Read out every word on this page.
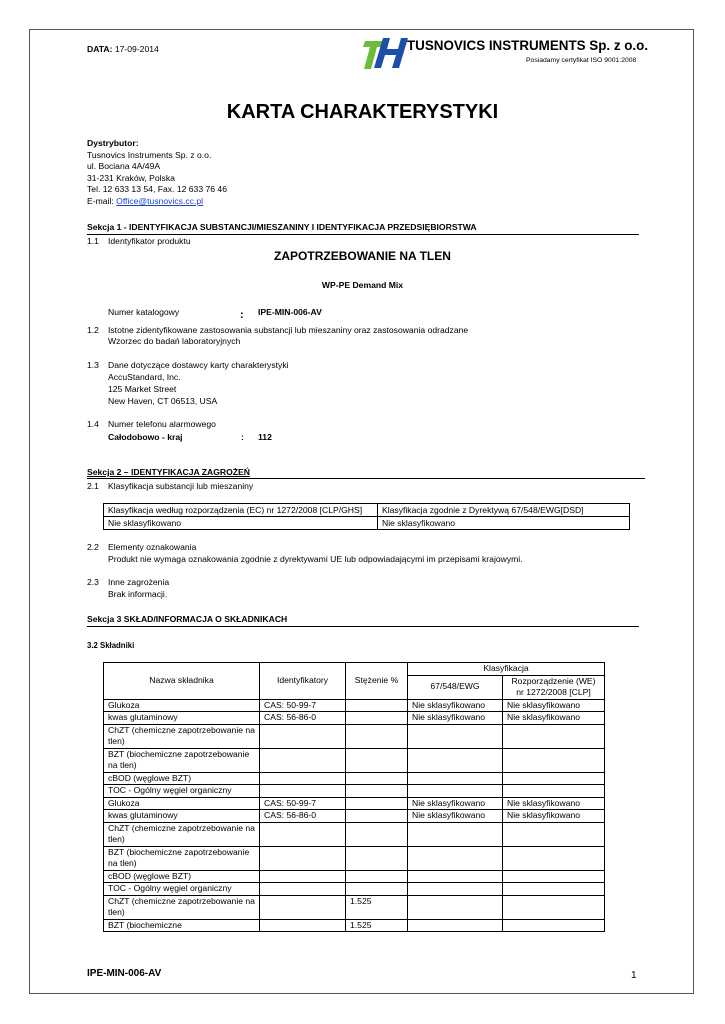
DATA: 17-09-2014	TUSNOVICS INSTRUMENTS Sp. z o.o.
Posiadamy certyfikat ISO 9001:2008
KARTA CHARAKTERYSTYKI
Dystrybutor:
Tusnovics Instruments Sp. z o.o.
ul. Bociana 4A/49A
31-231 Kraków, Polska
Tel. 12 633 13 54, Fax. 12 633 76 46
E-mail: Office@tusnovics.cc.pl
Sekcja 1 - IDENTYFIKACJA SUBSTANCJI/MIESZANINY I IDENTYFIKACJA PRZEDSIĘBIORSTWA
1.1 Identyfikator produktu
ZAPOTRZEBOWANIE NA TLEN
WP-PE Demand Mix
Numer katalogowy	: IPE-MIN-006-AV
1.2 Istotne zidentyfikowane zastosowania substancji lub mieszaniny oraz zastosowania odradzane
Wzorzec do badań laboratoryjnych
1.3 Dane dotyczące dostawcy karty charakterystyki
AccuStandard, Inc.
125 Market Street
New Haven, CT 06513, USA
1.4 Numer telefonu alarmowego
Całodobowo - kraj	: 112
Sekcja 2 – IDENTYFIKACJA ZAGROŻEŃ
2.1 Klasyfikacja substancji lub mieszaniny
Klasyfikacja według rozporządzenia (EC) nr 1272/2008 [CLP/GHS]	Klasyfikacja zgodnie z Dyrektywą 67/548/EWG[DSD]
Nie sklasyfikowano	Nie sklasyfikowano
2.2 Elementy oznakowania
Produkt nie wymaga oznakowania zgodnie z dyrektywami UE lub odpowiadającymi im przepisami krajowymi.
2.3 Inne zagrożenia
Brak informacji.
Sekcja 3 SKŁAD/INFORMACJA O SKŁADNIKACH
3.2 Składniki
Nazwa składnika	Identyfikatory	Stężenie %	Klasyfikacja	
			67/548/EWG	Rozporządzenie (WE) nr 1272/2008 [CLP]
Glukoza	CAS: 50-99-7		Nie sklasyfikowano	Nie sklasyfikowano
kwas glutaminowy	CAS: 56-86-0		Nie sklasyfikowano	Nie sklasyfikowano
ChZT (chemiczne zapotrzebowanie na tlen)				
BZT (biochemiczne zapotrzebowanie na tlen)				
cBOD (węglowe BZT)				
TOC - Ogólny węgiel organiczny				
Glukoza	CAS: 50-99-7		Nie sklasyfikowano	Nie sklasyfikowano
kwas glutaminowy	CAS: 56-86-0		Nie sklasyfikowano	Nie sklasyfikowano
ChZT (chemiczne zapotrzebowanie na tlen)				
BZT (biochemiczne zapotrzebowanie na tlen)				
cBOD (węglowe BZT)				
TOC - Ogólny węgiel organiczny				
ChZT (chemiczne zapotrzebowanie na tlen)		1.525		
BZT (biochemiczne		1.525		
IPE-MIN-006-AV	1
